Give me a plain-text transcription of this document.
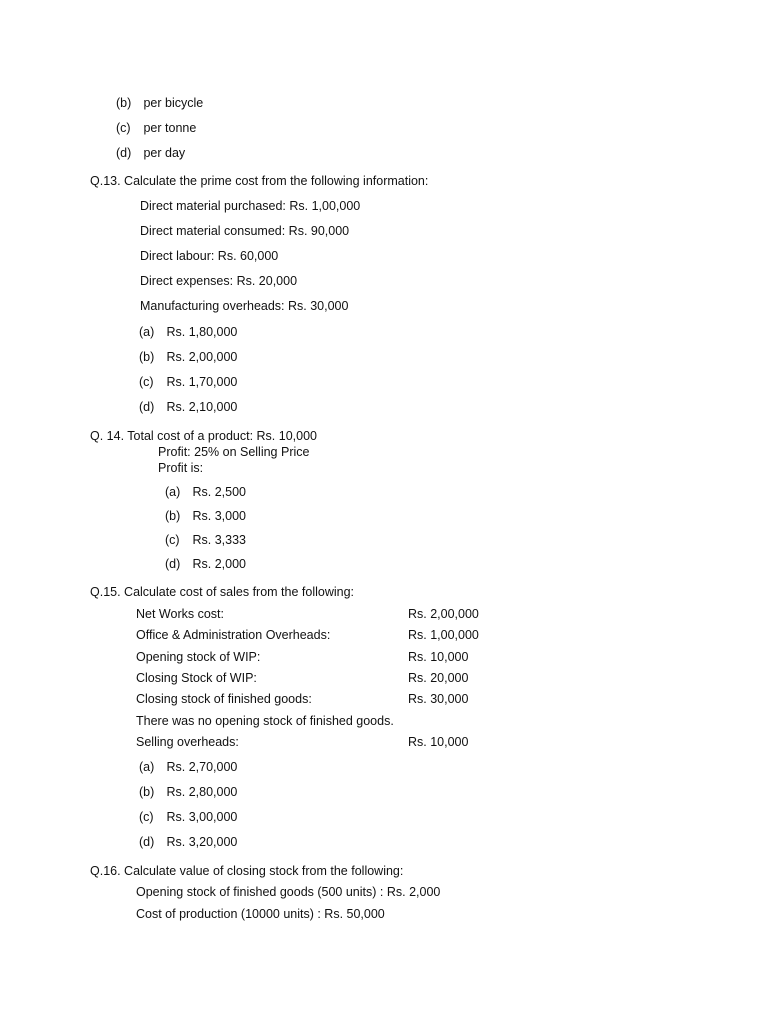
(b) per bicycle
(c) per tonne
(d) per day
Q.13. Calculate the prime cost from the following information:
Direct material purchased: Rs. 1,00,000
Direct material consumed: Rs. 90,000
Direct labour: Rs. 60,000
Direct expenses: Rs. 20,000
Manufacturing overheads: Rs. 30,000
(a) Rs. 1,80,000
(b) Rs. 2,00,000
(c) Rs. 1,70,000
(d) Rs. 2,10,000
Q. 14. Total cost of a product: Rs. 10,000
Profit: 25% on Selling Price
Profit is:
(a) Rs. 2,500
(b) Rs. 3,000
(c) Rs. 3,333
(d) Rs. 2,000
Q.15. Calculate cost of sales from the following:
Net Works cost:	Rs. 2,00,000
Office & Administration Overheads:	Rs. 1,00,000
Opening stock of WIP:	Rs. 10,000
Closing Stock of WIP:	Rs. 20,000
Closing stock of finished goods:	Rs. 30,000
There was no opening stock of finished goods.
Selling overheads:	Rs. 10,000
(a) Rs. 2,70,000
(b) Rs. 2,80,000
(c) Rs. 3,00,000
(d) Rs. 3,20,000
Q.16. Calculate value of closing stock from the following:
Opening stock of finished goods (500 units) : Rs. 2,000
Cost of production (10000 units) : Rs. 50,000
